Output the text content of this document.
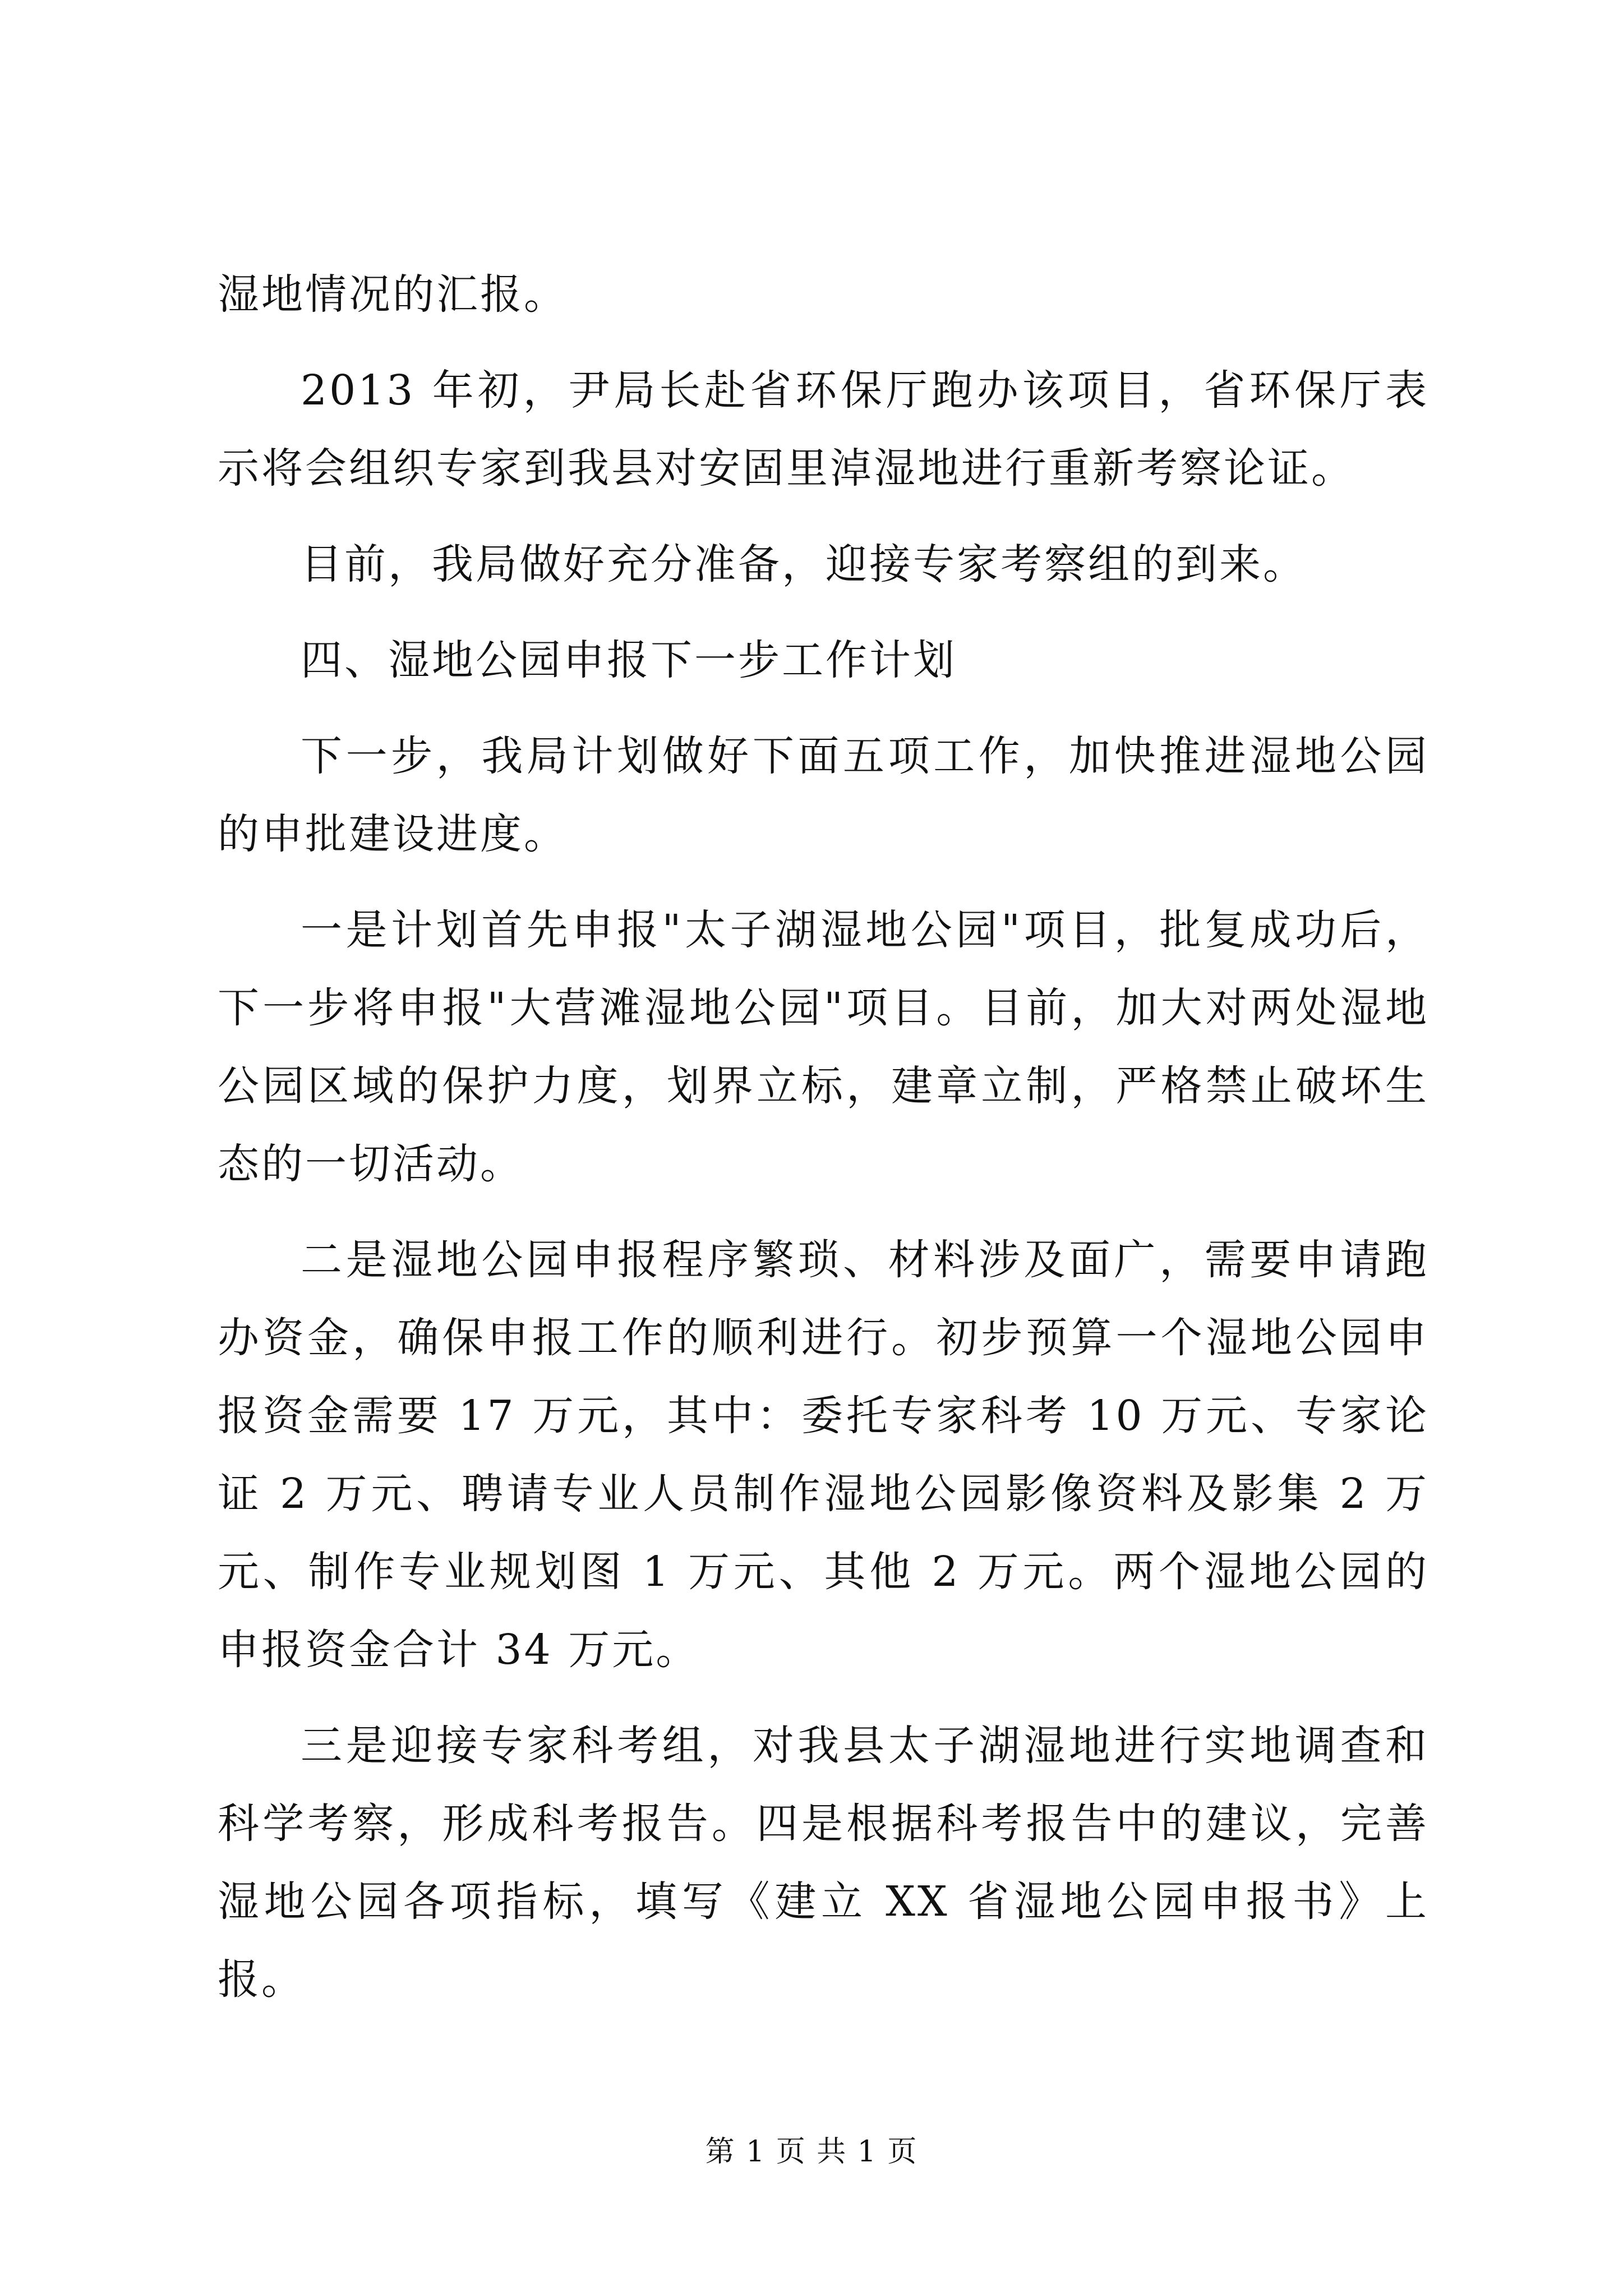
湿地情况的汇报。

2013 年初，尹局长赴省环保厅跑办该项目，省环保厅表示将会组织专家到我县对安固里淖湿地进行重新考察论证。

目前，我局做好充分准备，迎接专家考察组的到来。

四、湿地公园申报下一步工作计划

下一步，我局计划做好下面五项工作，加快推进湿地公园的申批建设进度。

一是计划首先申报"太子湖湿地公园"项目，批复成功后，下一步将申报"大营滩湿地公园"项目。目前，加大对两处湿地公园区域的保护力度，划界立标，建章立制，严格禁止破坏生态的一切活动。

二是湿地公园申报程序繁琐、材料涉及面广，需要申请跑办资金，确保申报工作的顺利进行。初步预算一个湿地公园申报资金需要 17 万元，其中：委托专家科考 10 万元、专家论证 2 万元、聘请专业人员制作湿地公园影像资料及影集 2 万元、制作专业规划图 1 万元、其他 2 万元。两个湿地公园的申报资金合计 34 万元。

三是迎接专家科考组，对我县太子湖湿地进行实地调查和科学考察，形成科考报告。四是根据科考报告中的建议，完善湿地公园各项指标，填写《建立 XX 省湿地公园申报书》上报。

第 1 页 共 1 页
